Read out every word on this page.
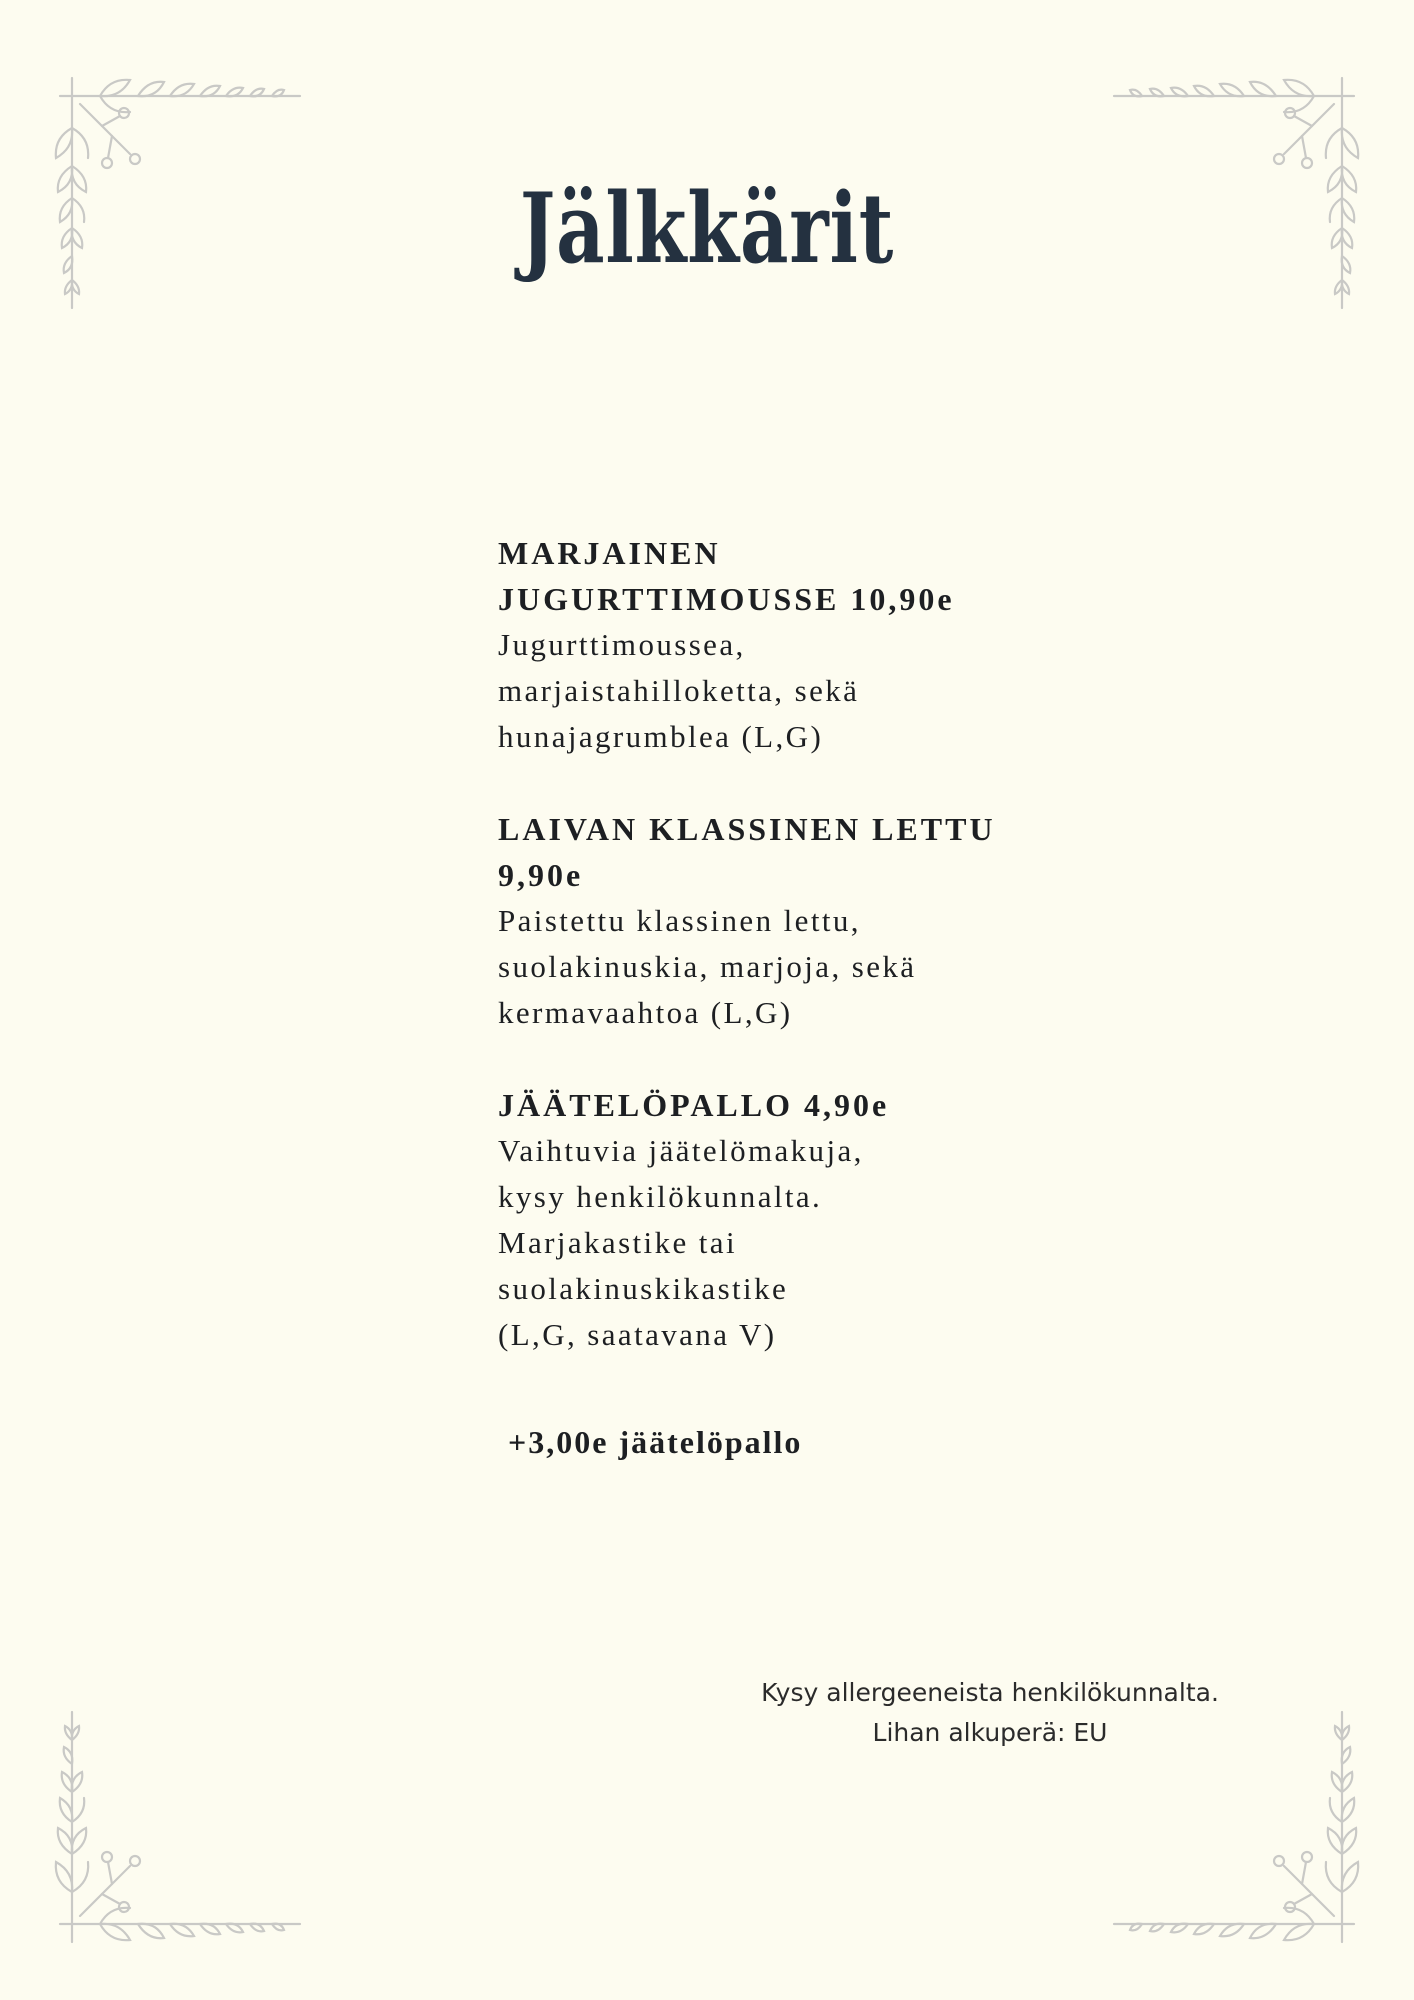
Jälkkärit
MARJAINEN
JUGURTTIMOUSSE 10,90e
Jugurttimoussea,
marjaistahilloketta, sekä
hunajagrumblea (L,G)
LAIVAN KLASSINEN LETTU
9,90e
Paistettu klassinen lettu,
suolakinuskia, marjoja, sekä
kermavaahtoa (L,G)
JÄÄTELÖPALLO 4,90e
Vaihtuvia jäätelömakuja,
kysy henkilökunnalta.
Marjakastike tai
suolakinuskikastike
(L,G, saatavana V)
+3,00e jäätelöpallo
Kysy allergeeneista henkilökunnalta.
Lihan alkuperä: EU
